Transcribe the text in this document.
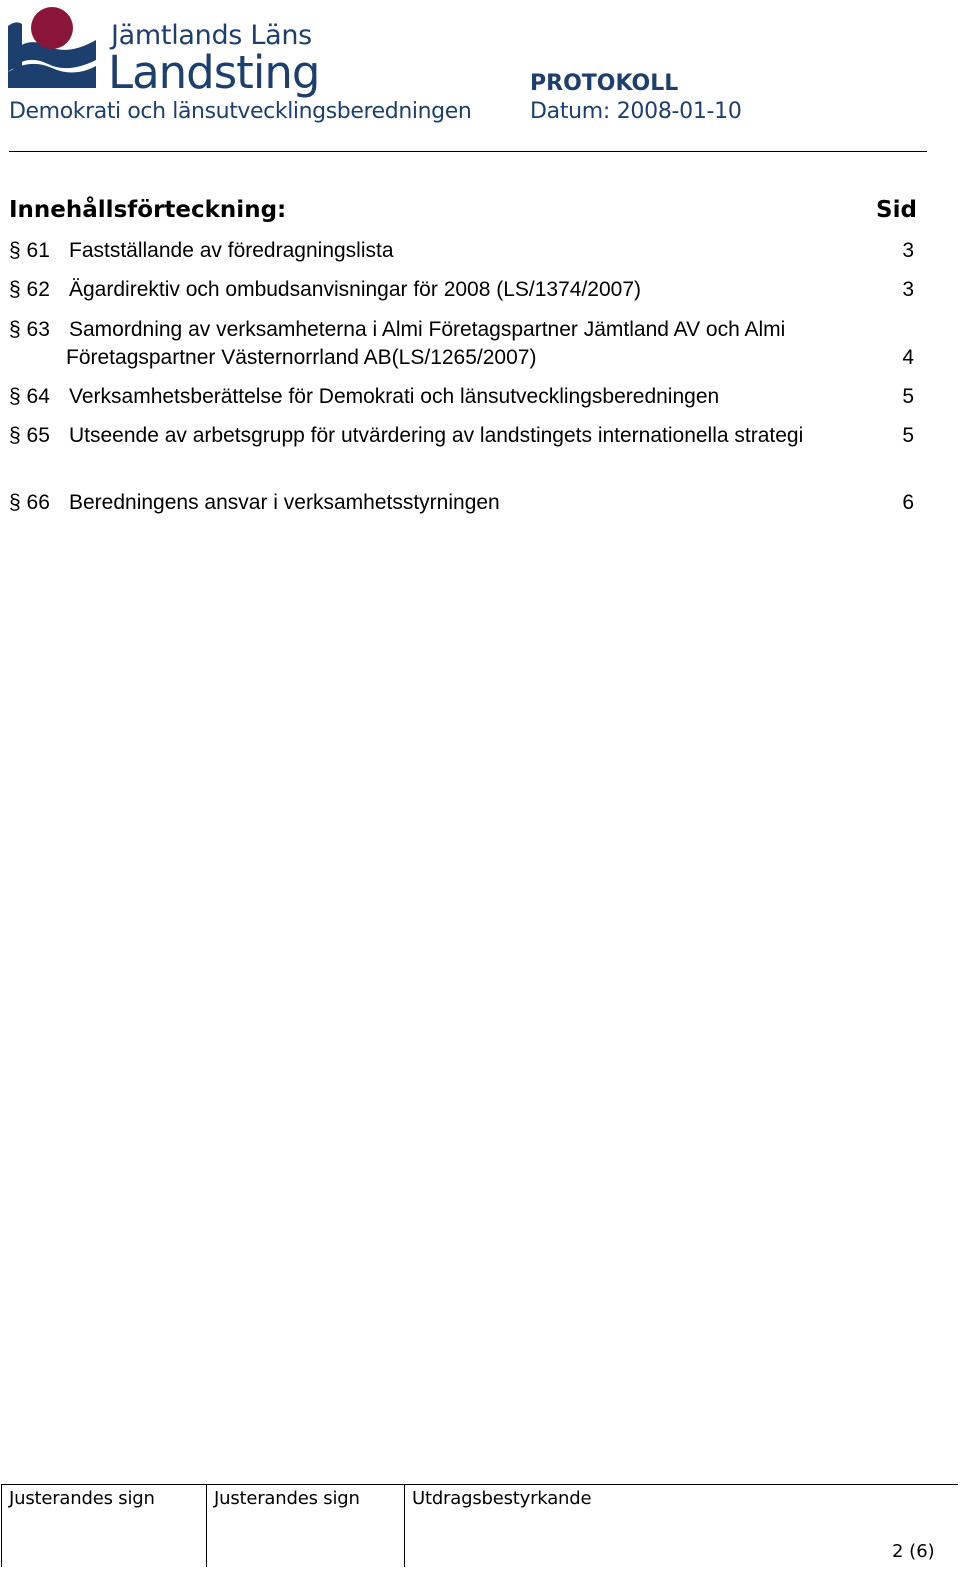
Jämtlands Läns
Landsting
Demokrati och länsutvecklingsberedningen
PROTOKOLL
Datum: 2008-01-10
Innehållsförteckning:	Sid
§ 61 Fastställande av föredragningslista	3
§ 62 Ägardirektiv och ombudsanvisningar för 2008 (LS/1374/2007)	3
§ 63 Samordning av verksamheterna i Almi Företagspartner Jämtland AV och Almi Företagspartner Västernorrland AB(LS/1265/2007)	4
§ 64 Verksamhetsberättelse för Demokrati och länsutvecklingsberedningen	5
§ 65 Utseende av arbetsgrupp för utvärdering av landstingets internationella strategi	5
§ 66 Beredningens ansvar i verksamhetsstyrningen	6
Justerandes sign	Justerandes sign	Utdragsbestyrkande
2 (6)
